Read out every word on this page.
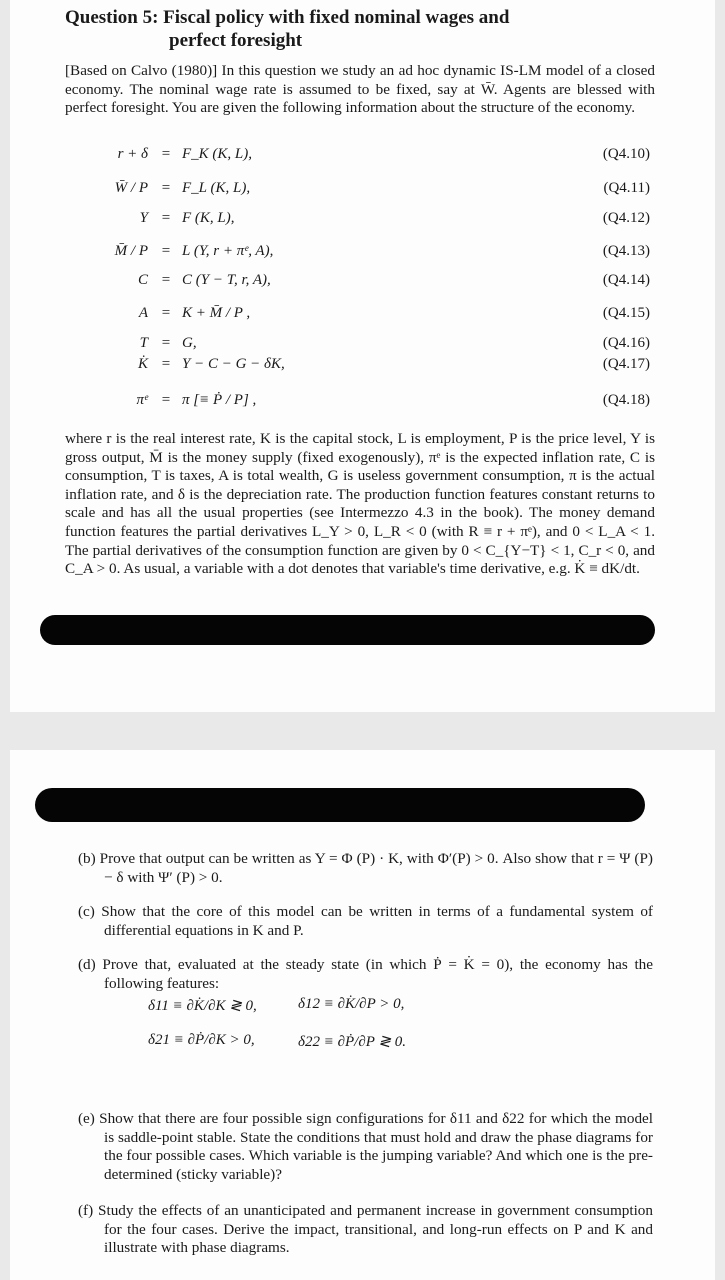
Question 5: Fiscal policy with fixed nominal wages and
perfect foresight
[Based on Calvo (1980)] In this question we study an ad hoc dynamic IS-LM model of a closed economy. The nominal wage rate is assumed to be fixed, say at W̄. Agents are blessed with perfect foresight. You are given the following information about the structure of the economy.
r + δ = F_K (K, L),	(Q4.10)
W̄ / P = F_L (K, L),	(Q4.11)
Y = F (K, L),	(Q4.12)
M̄ / P = L (Y, r + πᵉ, A),	(Q4.13)
C = C (Y − T, r, A),	(Q4.14)
A = K + M̄ / P ,	(Q4.15)
T = G,	(Q4.16)
K̇ = Y − C − G − δK,	(Q4.17)
πᵉ = π [≡ Ṗ / P] ,	(Q4.18)
where r is the real interest rate, K is the capital stock, L is employment, P is the price level, Y is gross output, M̄ is the money supply (fixed exogenously), πᵉ is the expected inflation rate, C is consumption, T is taxes, A is total wealth, G is useless government consumption, π is the actual inflation rate, and δ is the depreciation rate. The production function features constant returns to scale and has all the usual properties (see Intermezzo 4.3 in the book). The money demand function features the partial derivatives L_Y > 0, L_R < 0 (with R ≡ r + πᵉ), and 0 < L_A < 1. The partial derivatives of the consumption function are given by 0 < C_{Y−T} < 1, C_r < 0, and C_A > 0. As usual, a variable with a dot denotes that variable's time derivative, e.g. K̇ ≡ dK/dt.
(b) Prove that output can be written as Y = Φ (P) · K, with Φ′(P) > 0. Also show that r = Ψ (P) − δ with Ψ′ (P) > 0.
(c) Show that the core of this model can be written in terms of a fundamental system of differential equations in K and P.
(d) Prove that, evaluated at the steady state (in which Ṗ = K̇ = 0), the economy has the following features:
δ11 ≡ ∂K̇/∂K ≷ 0,	δ12 ≡ ∂K̇/∂P > 0,
δ21 ≡ ∂Ṗ/∂K > 0,	δ22 ≡ ∂Ṗ/∂P ≷ 0.
(e) Show that there are four possible sign configurations for δ11 and δ22 for which the model is saddle-point stable. State the conditions that must hold and draw the phase diagrams for the four possible cases. Which variable is the jumping variable? And which one is the pre-determined (sticky variable)?
(f) Study the effects of an unanticipated and permanent increase in government consumption for the four cases. Derive the impact, transitional, and long-run effects on P and K and illustrate with phase diagrams.
